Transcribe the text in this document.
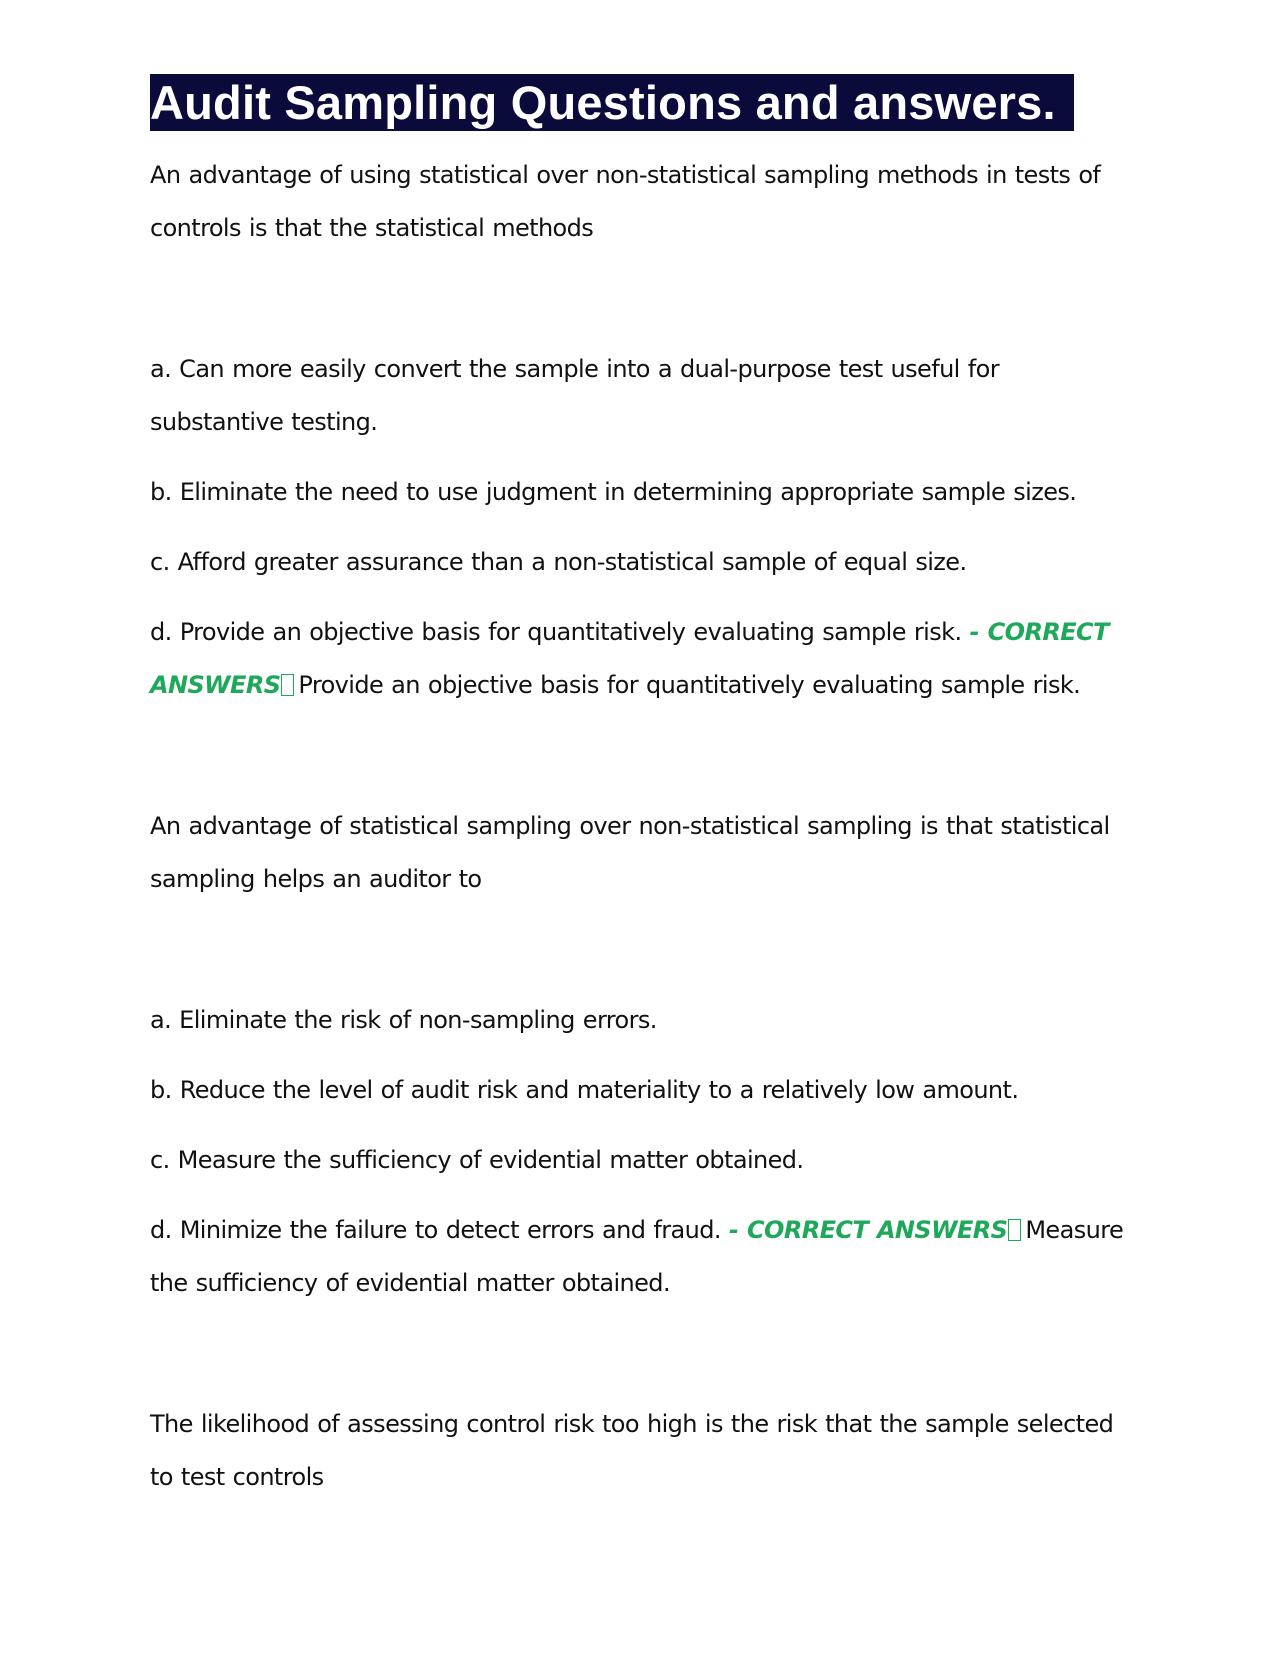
Audit Sampling Questions and answers.

An advantage of using statistical over non-statistical sampling methods in tests of controls is that the statistical methods

a. Can more easily convert the sample into a dual-purpose test useful for substantive testing.

b. Eliminate the need to use judgment in determining appropriate sample sizes.

c. Afford greater assurance than a non-statistical sample of equal size.

d. Provide an objective basis for quantitatively evaluating sample risk. - CORRECT ANSWERS Provide an objective basis for quantitatively evaluating sample risk.

An advantage of statistical sampling over non-statistical sampling is that statistical sampling helps an auditor to

a. Eliminate the risk of non-sampling errors.

b. Reduce the level of audit risk and materiality to a relatively low amount.

c. Measure the sufficiency of evidential matter obtained.

d. Minimize the failure to detect errors and fraud. - CORRECT ANSWERS Measure the sufficiency of evidential matter obtained.

The likelihood of assessing control risk too high is the risk that the sample selected to test controls
